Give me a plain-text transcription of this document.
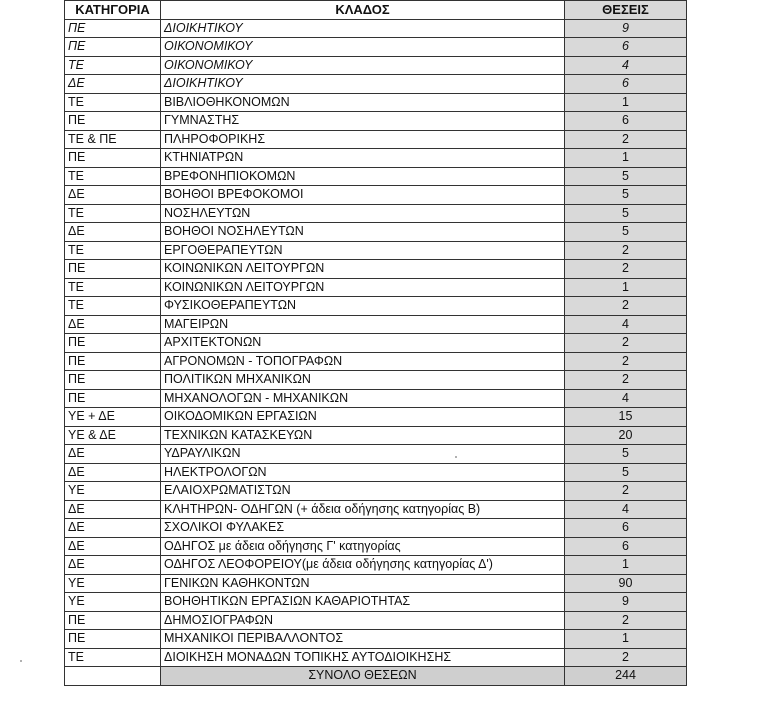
ΚΑΤΗΓΟΡΙΑ	ΚΛΑΔΟΣ	ΘΕΣΕΙΣ
ΠΕ	ΔΙΟΙΚΗΤΙΚΟΥ	9
ΠΕ	ΟΙΚΟΝΟΜΙΚΟΥ	6
ΤΕ	ΟΙΚΟΝΟΜΙΚΟΥ	4
ΔΕ	ΔΙΟΙΚΗΤΙΚΟΥ	6
ΤΕ	ΒΙΒΛΙΟΘΗΚΟΝΟΜΩΝ	1
ΠΕ	ΓΥΜΝΑΣΤΗΣ	6
ΤΕ & ΠΕ	ΠΛΗΡΟΦΟΡΙΚΗΣ	2
ΠΕ	ΚΤΗΝΙΑΤΡΩΝ	1
ΤΕ	ΒΡΕΦΟΝΗΠΙΟΚΟΜΩΝ	5
ΔΕ	ΒΟΗΘΟΙ ΒΡΕΦΟΚΟΜΟΙ	5
ΤΕ	ΝΟΣΗΛΕΥΤΩΝ	5
ΔΕ	ΒΟΗΘΟΙ ΝΟΣΗΛΕΥΤΩΝ	5
ΤΕ	ΕΡΓΟΘΕΡΑΠΕΥΤΩΝ	2
ΠΕ	ΚΟΙΝΩΝΙΚΩΝ ΛΕΙΤΟΥΡΓΩΝ	2
ΤΕ	ΚΟΙΝΩΝΙΚΩΝ ΛΕΙΤΟΥΡΓΩΝ	1
ΤΕ	ΦΥΣΙΚΟΘΕΡΑΠΕΥΤΩΝ	2
ΔΕ	ΜΑΓΕΙΡΩΝ	4
ΠΕ	ΑΡΧΙΤΕΚΤΟΝΩΝ	2
ΠΕ	ΑΓΡΟΝΟΜΩΝ - ΤΟΠΟΓΡΑΦΩΝ	2
ΠΕ	ΠΟΛΙΤΙΚΩΝ ΜΗΧΑΝΙΚΩΝ	2
ΠΕ	ΜΗΧΑΝΟΛΟΓΩΝ - ΜΗΧΑΝΙΚΩΝ	4
ΥΕ + ΔΕ	ΟΙΚΟΔΟΜΙΚΩΝ ΕΡΓΑΣΙΩΝ	15
ΥΕ & ΔΕ	ΤΕΧΝΙΚΩΝ ΚΑΤΑΣΚΕΥΩΝ	20
ΔΕ	ΥΔΡΑΥΛΙΚΩΝ	5
ΔΕ	ΗΛΕΚΤΡΟΛΟΓΩΝ	5
ΥΕ	ΕΛΑΙΟΧΡΩΜΑΤΙΣΤΩΝ	2
ΔΕ	ΚΛΗΤΗΡΩΝ- ΟΔΗΓΩΝ (+ άδεια οδήγησης κατηγορίας Β)	4
ΔΕ	ΣΧΟΛΙΚΟΙ ΦΥΛΑΚΕΣ	6
ΔΕ	ΟΔΗΓΟΣ με άδεια οδήγησης Γ' κατηγορίας	6
ΔΕ	ΟΔΗΓΟΣ ΛΕΟΦΟΡΕΙΟΥ(με άδεια οδήγησης κατηγορίας Δ')	1
ΥΕ	ΓΕΝΙΚΩΝ ΚΑΘΗΚΟΝΤΩΝ	90
ΥΕ	ΒΟΗΘΗΤΙΚΩΝ ΕΡΓΑΣΙΩΝ ΚΑΘΑΡΙΟΤΗΤΑΣ	9
ΠΕ	ΔΗΜΟΣΙΟΓΡΑΦΩΝ	2
ΠΕ	ΜΗΧΑΝΙΚΟΙ ΠΕΡΙΒΑΛΛΟΝΤΟΣ	1
ΤΕ	ΔΙΟΙΚΗΣΗ ΜΟΝΑΔΩΝ ΤΟΠΙΚΗΣ ΑΥΤΟΔΙΟΙΚΗΣΗΣ	2
	ΣΥΝΟΛΟ ΘΕΣΕΩΝ	244
